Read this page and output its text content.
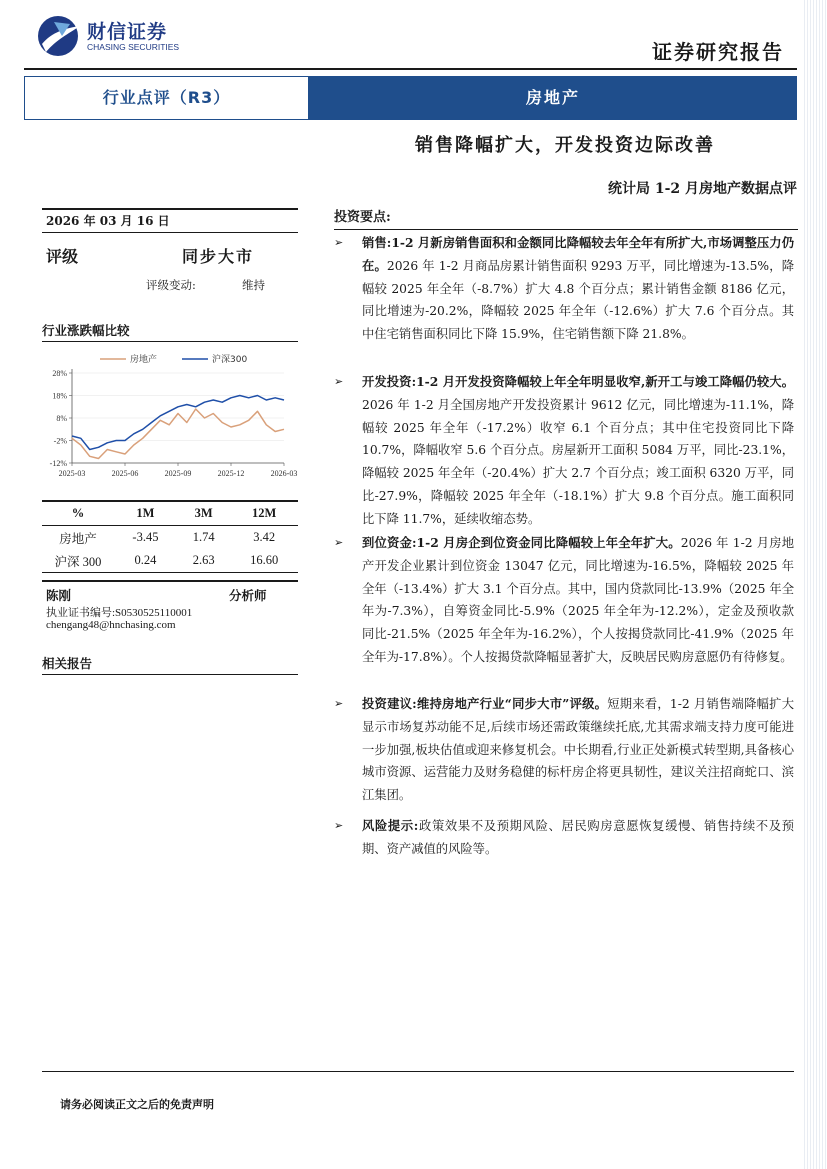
财信证券
CHASING SECURITIES	证券研究报告
行业点评（R3）	房地产
销售降幅扩大，开发投资边际改善
统计局 1-2 月房地产数据点评
2026 年 03 月 16 日
评级	同步大市
评级变动:	维持
行业涨跌幅比较
房地产	沪深300
28%
18%
8%
-2%
-12%
2025-03	2025-06	2025-09	2025-12	2026-03
%	1M	3M	12M
房地产	-3.45	1.74	3.42
沪深 300	0.24	2.63	16.60
陈刚	分析师
执业证书编号:S0530525110001
chengang48@hnchasing.com
相关报告
投资要点:
➢ 销售:1-2 月新房销售面积和金额同比降幅较去年全年有所扩大,市场调整压力仍在。2026 年 1-2 月商品房累计销售面积 9293 万平，同比增速为-13.5%，降幅较 2025 年全年（-8.7%）扩大 4.8 个百分点；累计销售金额 8186 亿元，同比增速为-20.2%，降幅较 2025 年全年（-12.6%）扩大 7.6 个百分点。其中住宅销售面积同比下降 15.9%，住宅销售额下降 21.8%。
➢ 开发投资:1-2 月开发投资降幅较上年全年明显收窄,新开工与竣工降幅仍较大。2026 年 1-2 月全国房地产开发投资累计 9612 亿元，同比增速为-11.1%，降幅较 2025 年全年（-17.2%）收窄 6.1 个百分点；其中住宅投资同比下降 10.7%，降幅收窄 5.6 个百分点。房屋新开工面积 5084 万平，同比-23.1%，降幅较 2025 年全年（-20.4%）扩大 2.7 个百分点；竣工面积 6320 万平，同比-27.9%，降幅较 2025 年全年（-18.1%）扩大 9.8 个百分点。施工面积同比下降 11.7%，延续收缩态势。
➢ 到位资金:1-2 月房企到位资金同比降幅较上年全年扩大。2026 年 1-2 月房地产开发企业累计到位资金 13047 亿元，同比增速为-16.5%，降幅较 2025 年全年（-13.4%）扩大 3.1 个百分点。其中，国内贷款同比-13.9%（2025 年全年为-7.3%），自筹资金同比-5.9%（2025 年全年为-12.2%），定金及预收款同比-21.5%（2025 年全年为-16.2%），个人按揭贷款同比-41.9%（2025 年全年为-17.8%）。个人按揭贷款降幅显著扩大，反映居民购房意愿仍有待修复。
➢ 投资建议:维持房地产行业“同步大市”评级。短期来看，1-2 月销售端降幅扩大显示市场复苏动能不足,后续市场还需政策继续托底,尤其需求端支持力度可能进一步加强,板块估值或迎来修复机会。中长期看,行业正处新模式转型期,具备核心城市资源、运营能力及财务稳健的标杆房企将更具韧性，建议关注招商蛇口、滨江集团。
➢ 风险提示:政策效果不及预期风险、居民购房意愿恢复缓慢、销售持续不及预期、资产减值的风险等。
请务必阅读正文之后的免责声明
